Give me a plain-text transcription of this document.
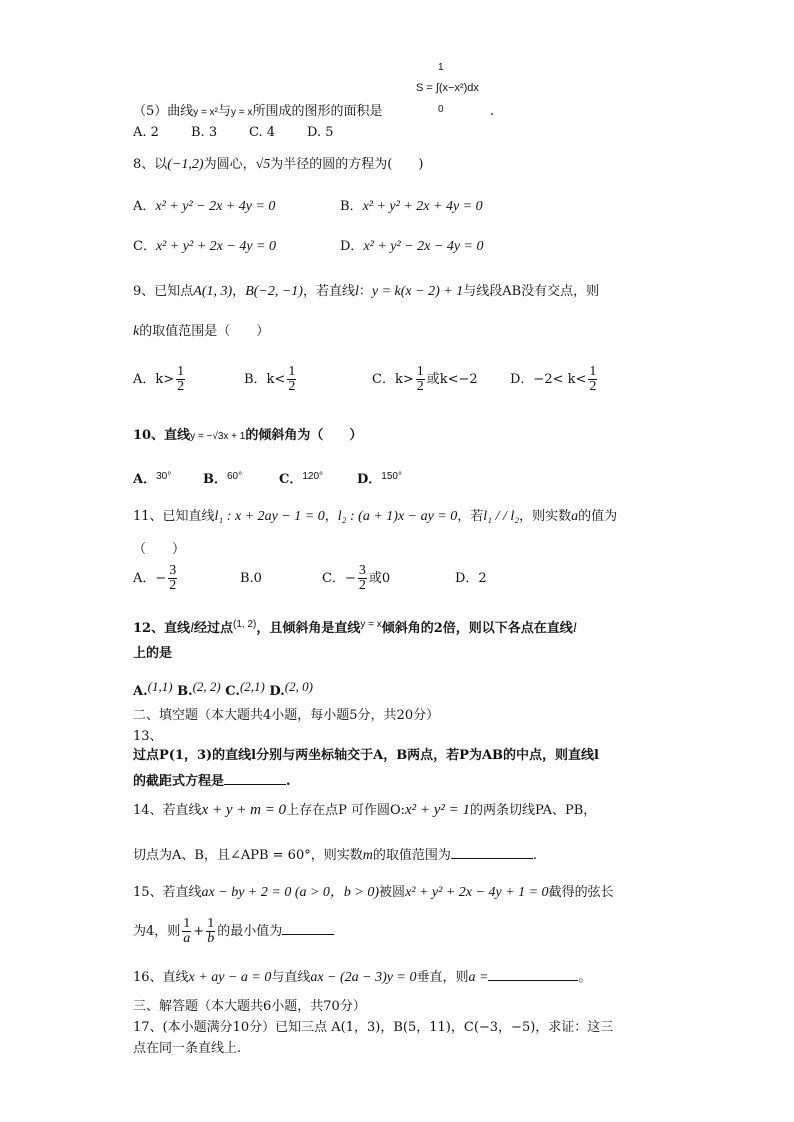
1
S = ∫(x−x²)dx
0
（5）曲线y = x²与y = x所围成的图形的面积是	.
A. 2 B. 3 C. 4 D. 5
8、以(−1,2)为圆心，√5为半径的圆的方程为(　　)
A．x² + y² − 2x + 4y = 0	B．x² + y² + 2x + 4y = 0
C．x² + y² + 2x − 4y = 0	D．x² + y² − 2x − 4y = 0
9、已知点A(1, 3)，B(−2, −1)，若直线l：y = k(x − 2) + 1与线段AB没有交点，则
k的取值范围是（　　）
A．$k> \frac{1}{2}$	B．$k< \frac{1}{2}$	C．$k> \frac{1}{2}$ 或k<−2 D．$-2< k< \frac{1}{2}$
10、直线y = −√3x + 1的倾斜角为（　　）
A．$^{30^\circ}$ B．$^{60^\circ}$	C．$^{120^\circ}$	D．$^{150^\circ}$
11、已知直线l₁ : x + 2ay − 1 = 0，l₂ : (a + 1)x − ay = 0，若l₁ / / l₂，则实数a的值为
（　　）
A．− $\frac{3}{2}$	B.0	C．− $\frac{3}{2}$ 或0	D．2
12、直线l经过点$^{(1, 2)}$，且倾斜角是直线$^{y = x}$倾斜角的2倍，则以下各点在直线l
上的是
A.(1,1) B.(2, 2) C.(2,1) D.(2, 0)
二、填空题（本大题共4小题，每小题5分，共20分）
13、
过点P(1，3)的直线l分别与两坐标轴交于A，B两点，若P为AB的中点，则直线l
的截距式方程是	.
14、若直线x + y + m = 0上存在点P 可作圆O:x² + y² = 1的两条切线PA、PB，
切点为A、B，且∠APB = 60°，则实数m的取值范围为	.
15、若直线ax − by + 2 = 0 (a > 0，b > 0)被圆x² + y² + 2x − 4y + 1 = 0截得的弦长
为4，则 $\frac{1}{a} + \frac{1}{b}$ 的最小值为
16、直线x + ay − a = 0与直线ax − (2a − 3)y = 0垂直，则a =	。
三、解答题（本大题共6小题，共70分）
17、(本小题满分10分）已知三点 A(1，3)，B(5，11)，C(−3，−5)，求证：这三
点在同一条直线上.
